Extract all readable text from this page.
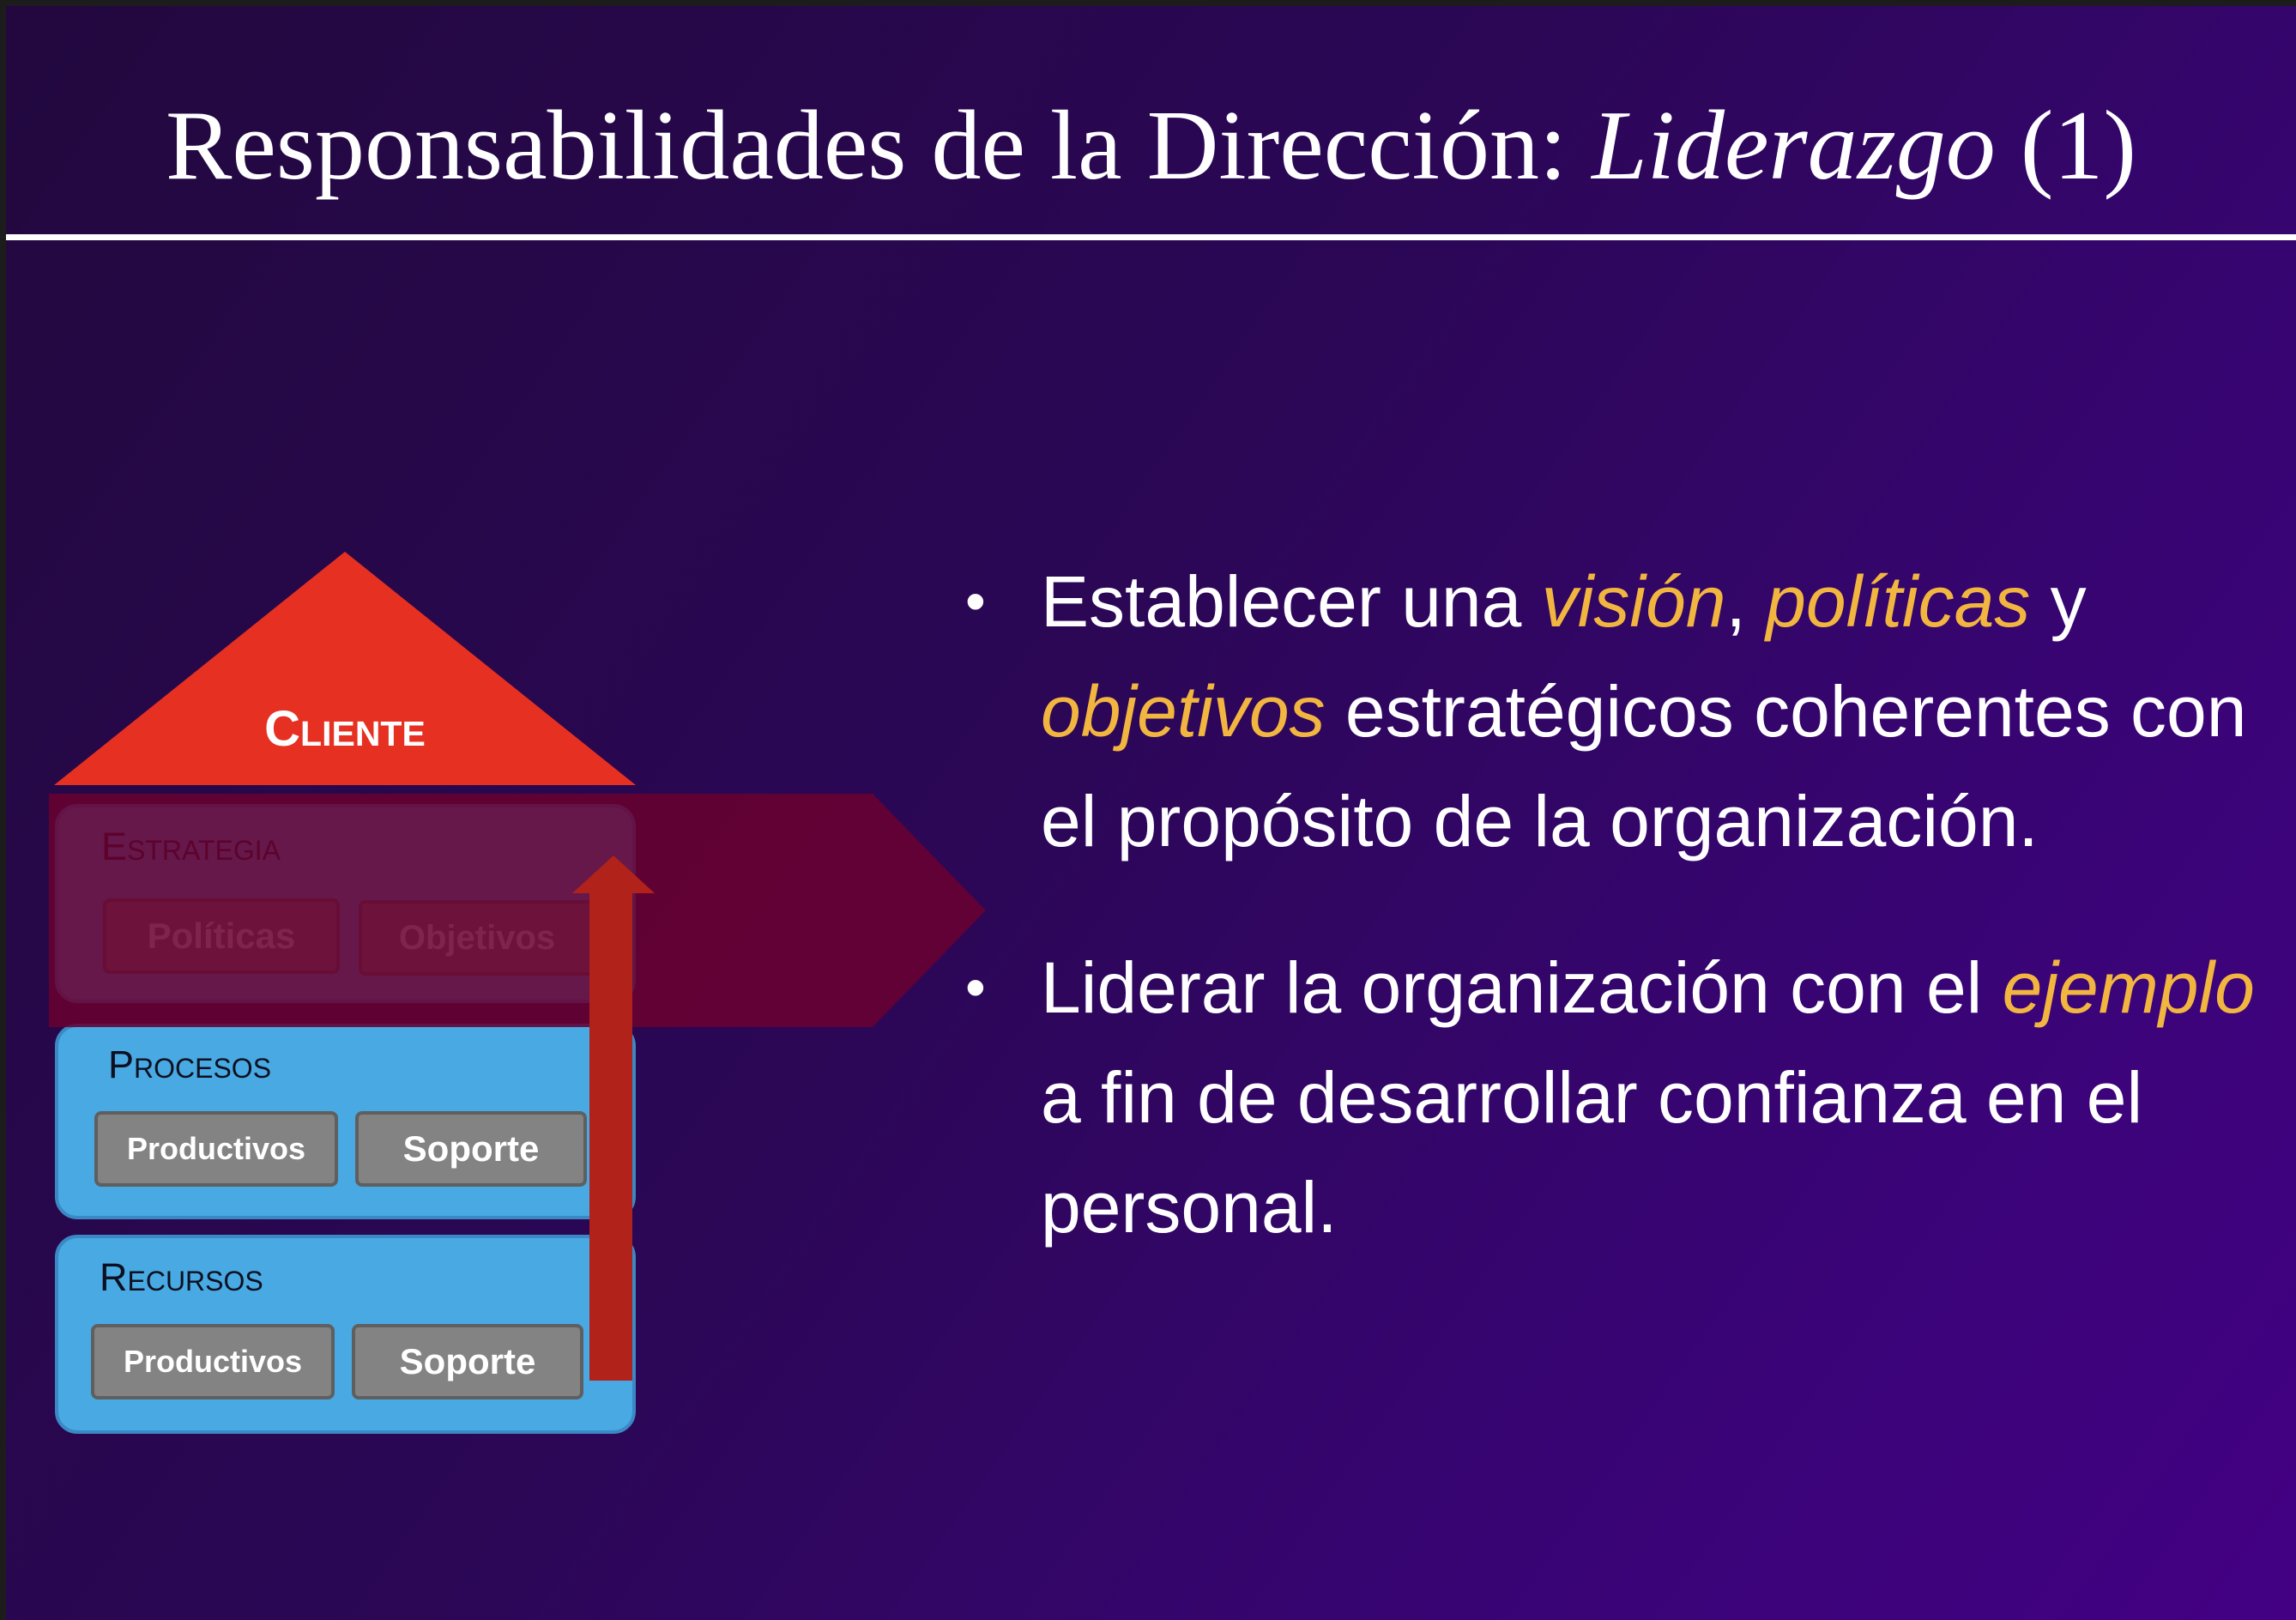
Responsabilidades de la Dirección: Liderazgo (1)
Cliente
Procesos
Productivos	Soporte
Recursos
Productivos	Soporte
• Establecer una visión, políticas y objetivos estratégicos coherentes con el propósito de la organización.
• Liderar la organización con el ejemplo a fin de desarrollar confianza en el personal.
